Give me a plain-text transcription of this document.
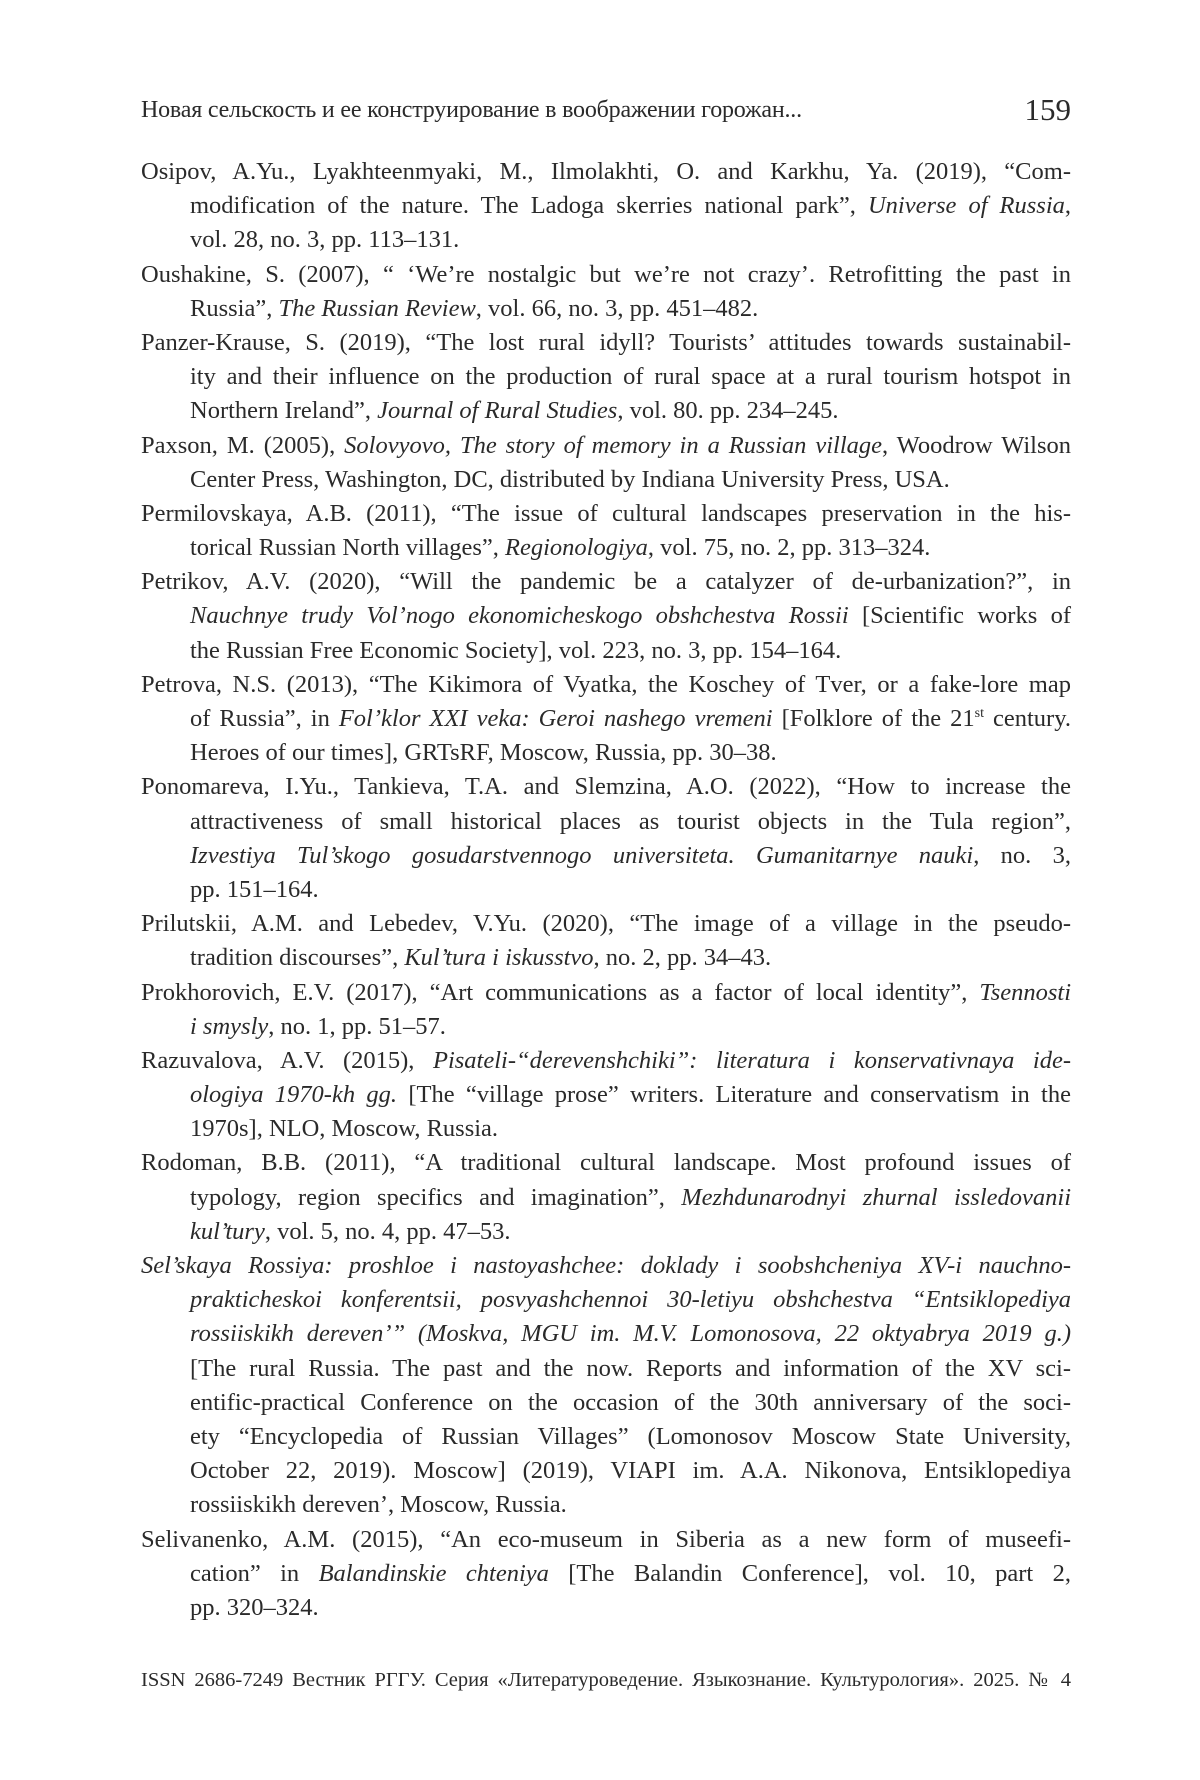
Новая сельскость и ее конструирование в воображении горожан...	159
Osipov, A.Yu., Lyakhteenmyaki, M., Ilmolakhti, O. and Karkhu, Ya. (2019), “Com-
modification of the nature. The Ladoga skerries national park”, Universe of Russia,
vol. 28, no. 3, pp. 113–131.
Oushakine, S. (2007), “ ‘We’re nostalgic but we’re not crazy’. Retrofitting the past in
Russia”, The Russian Review, vol. 66, no. 3, pp. 451–482.
Panzer-Krause, S. (2019), “The lost rural idyll? Tourists’ attitudes towards sustainabil-
ity and their influence on the production of rural space at a rural tourism hotspot in
Northern Ireland”, Journal of Rural Studies, vol. 80. pp. 234–245.
Paxson, M. (2005), Solovyovo, The story of memory in a Russian village, Woodrow Wilson
Center Press, Washington, DC, distributed by Indiana University Press, USA.
Permilovskaya, A.B. (2011), “The issue of cultural landscapes preservation in the his-
torical Russian North villages”, Regionologiya, vol. 75, no. 2, pp. 313–324.
Petrikov, A.V. (2020), “Will the pandemic be a catalyzer of de-urbanization?”, in
Nauchnye trudy Vol’nogo ekonomicheskogo obshchestva Rossii [Scientific works of
the Russian Free Economic Society], vol. 223, no. 3, pp. 154–164.
Petrova, N.S. (2013), “The Kikimora of Vyatka, the Koschey of Tver, or a fake-lore map
of Russia”, in Fol’klor XXI veka: Geroi nashego vremeni [Folklore of the 21st century.
Heroes of our times], GRTsRF, Moscow, Russia, pp. 30–38.
Ponomareva, I.Yu., Tankieva, T.A. and Slemzina, A.O. (2022), “How to increase the
attractiveness of small historical places as tourist objects in the Tula region”,
Izvestiya Tul’skogo gosudarstvennogo universiteta. Gumanitarnye nauki, no. 3,
pp. 151–164.
Prilutskii, A.M. and Lebedev, V.Yu. (2020), “The image of a village in the pseudo-
tradition discourses”, Kul’tura i iskusstvo, no. 2, pp. 34–43.
Prokhorovich, E.V. (2017), “Art communications as a factor of local identity”, Tsennosti
i smysly, no. 1, pp. 51–57.
Razuvalova, A.V. (2015), Pisateli-“derevenshchiki”: literatura i konservativnaya ide-
ologiya 1970-kh gg. [The “village prose” writers. Literature and conservatism in the
1970s], NLO, Moscow, Russia.
Rodoman, B.B. (2011), “A traditional cultural landscape. Most profound issues of
typology, region specifics and imagination”, Mezhdunarodnyi zhurnal issledovanii
kul’tury, vol. 5, no. 4, pp. 47–53.
Sel’skaya Rossiya: proshloe i nastoyashchee: doklady i soobshcheniya XV-i nauchno-
prakticheskoi konferentsii, posvyashchennoi 30-letiyu obshchestva “Entsiklopediya
rossiiskikh dereven’” (Moskva, MGU im. M.V. Lomonosova, 22 oktyabrya 2019 g.)
[The rural Russia. The past and the now. Reports and information of the XV sci-
entific-practical Conference on the occasion of the 30th anniversary of the soci-
ety “Encyclopedia of Russian Villages” (Lomonosov Moscow State University,
October 22, 2019). Moscow] (2019), VIAPI im. A.A. Nikonova, Entsiklopediya
rossiiskikh dereven’, Moscow, Russia.
Selivanenko, A.M. (2015), “An eco-museum in Siberia as a new form of museefi-
cation” in Balandinskie chteniya [The Balandin Conference], vol. 10, part 2,
pp. 320–324.
ISSN 2686-7249 Вестник РГГУ. Серия «Литературоведение. Языкознание. Культурология». 2025. № 4
